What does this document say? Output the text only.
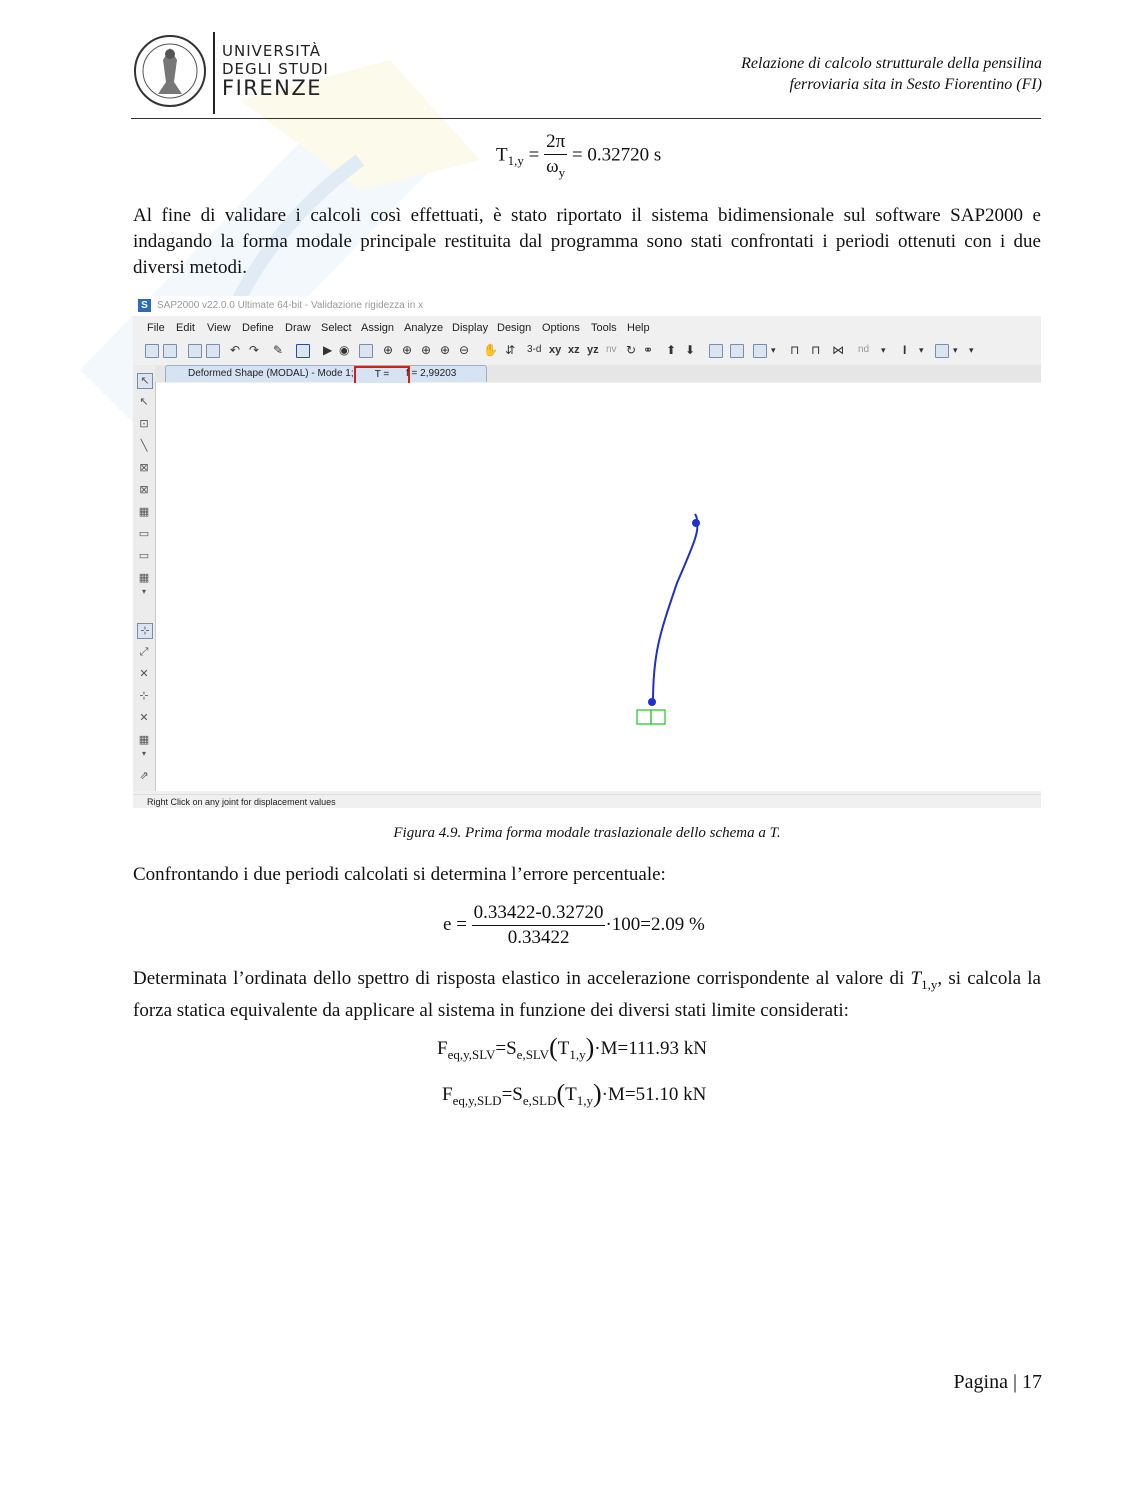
UNIVERSITÀ
DEGLI STUDI
FIRENZE
Relazione di calcolo strutturale della pensilina
ferroviaria sita in Sesto Fiorentino (FI)
$T_{1,y} = \frac{2\pi}{\omega_y} = 0.32720$ s
Al fine di validare i calcoli così effettuati, è stato riportato il sistema bidimensionale sul software SAP2000 e indagando la forma modale principale restituita dal programma sono stati confrontati i periodi ottenuti con i due diversi metodi.
S SAP2000 v22.0.0 Ultimate 64-bit - Validazione rigidezza in x
File Edit View Define Draw Select Assign Analyze Display Design Options Tools Help
↶ ↷ ✎	▶ ◉	⊕ ⊕ ⊕ ⊕ ⊖ ✋ ⇵ 3-d xy xz yz nv ↻ ⚭ ⬆ ⬇	▾ ⊓ ⊓ ⋈ nd ▾ I ▾	▾ ▾
↖
↖
⊡
╲
⊠
⊠
▦
▭
▭
▦
▾
⊹
⤢
✕
⊹
✕
▦
▾
⇗
Deformed Shape (MODAL) - Mode 1;	T = 0,33422;
f = 2,99203
Right Click on any joint for displacement values
Figura 4.9. Prima forma modale traslazionale dello schema a T.
Confrontando i due periodi calcolati si determina l’errore percentuale:
$e = \frac{0.33422-0.32720}{0.33422} \cdot 100=2.09$ %
Determinata l’ordinata dello spettro di risposta elastico in accelerazione corrispondente al valore di $T_{1,y}$, si calcola la forza statica equivalente da applicare al sistema in funzione dei diversi stati limite considerati:
$F_{eq,y,SLV}=S_{e,SLV}(T_{1,y})\cdot M=111.93$ kN
$F_{eq,y,SLD}=S_{e,SLD}(T_{1,y})\cdot M=51.10$ kN
Pagina | 17
